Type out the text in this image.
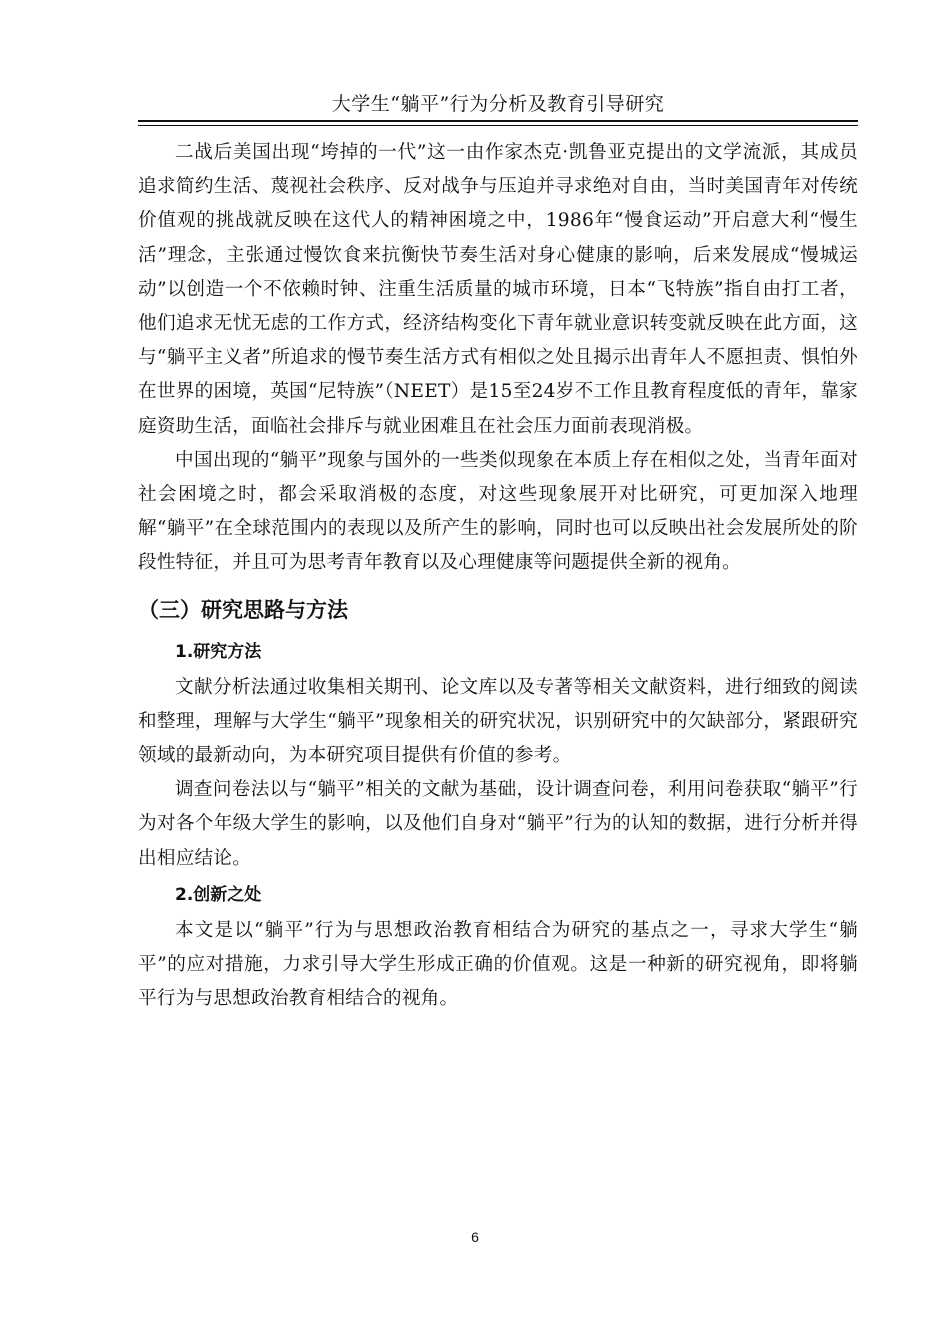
大学生“躺平”行为分析及教育引导研究

二战后美国出现“垮掉的一代”这一由作家杰克·凯鲁亚克提出的文学流派，其成员追求简约生活、蔑视社会秩序、反对战争与压迫并寻求绝对自由，当时美国青年对传统价值观的挑战就反映在这代人的精神困境之中，1986年“慢食运动”开启意大利“慢生活”理念，主张通过慢饮食来抗衡快节奏生活对身心健康的影响，后来发展成“慢城运动”以创造一个不依赖时钟、注重生活质量的城市环境，日本“飞特族”指自由打工者，他们追求无忧无虑的工作方式，经济结构变化下青年就业意识转变就反映在此方面，这与“躺平主义者”所追求的慢节奏生活方式有相似之处且揭示出青年人不愿担责、惧怕外在世界的困境，英国“尼特族”（NEET）是15至24岁不工作且教育程度低的青年，靠家庭资助生活，面临社会排斥与就业困难且在社会压力面前表现消极。

中国出现的“躺平”现象与国外的一些类似现象在本质上存在相似之处，当青年面对社会困境之时，都会采取消极的态度，对这些现象展开对比研究，可更加深入地理解“躺平”在全球范围内的表现以及所产生的影响，同时也可以反映出社会发展所处的阶段性特征，并且可为思考青年教育以及心理健康等问题提供全新的视角。

（三）研究思路与方法
1.研究方法

文献分析法通过收集相关期刊、论文库以及专著等相关文献资料，进行细致的阅读和整理，理解与大学生“躺平”现象相关的研究状况，识别研究中的欠缺部分，紧跟研究领域的最新动向，为本研究项目提供有价值的参考。

调查问卷法以与“躺平”相关的文献为基础，设计调查问卷，利用问卷获取“躺平”行为对各个年级大学生的影响，以及他们自身对“躺平”行为的认知的数据，进行分析并得出相应结论。

2.创新之处

本文是以“躺平”行为与思想政治教育相结合为研究的基点之一，寻求大学生“躺平”的应对措施，力求引导大学生形成正确的价值观。这是一种新的研究视角，即将躺平行为与思想政治教育相结合的视角。

6
